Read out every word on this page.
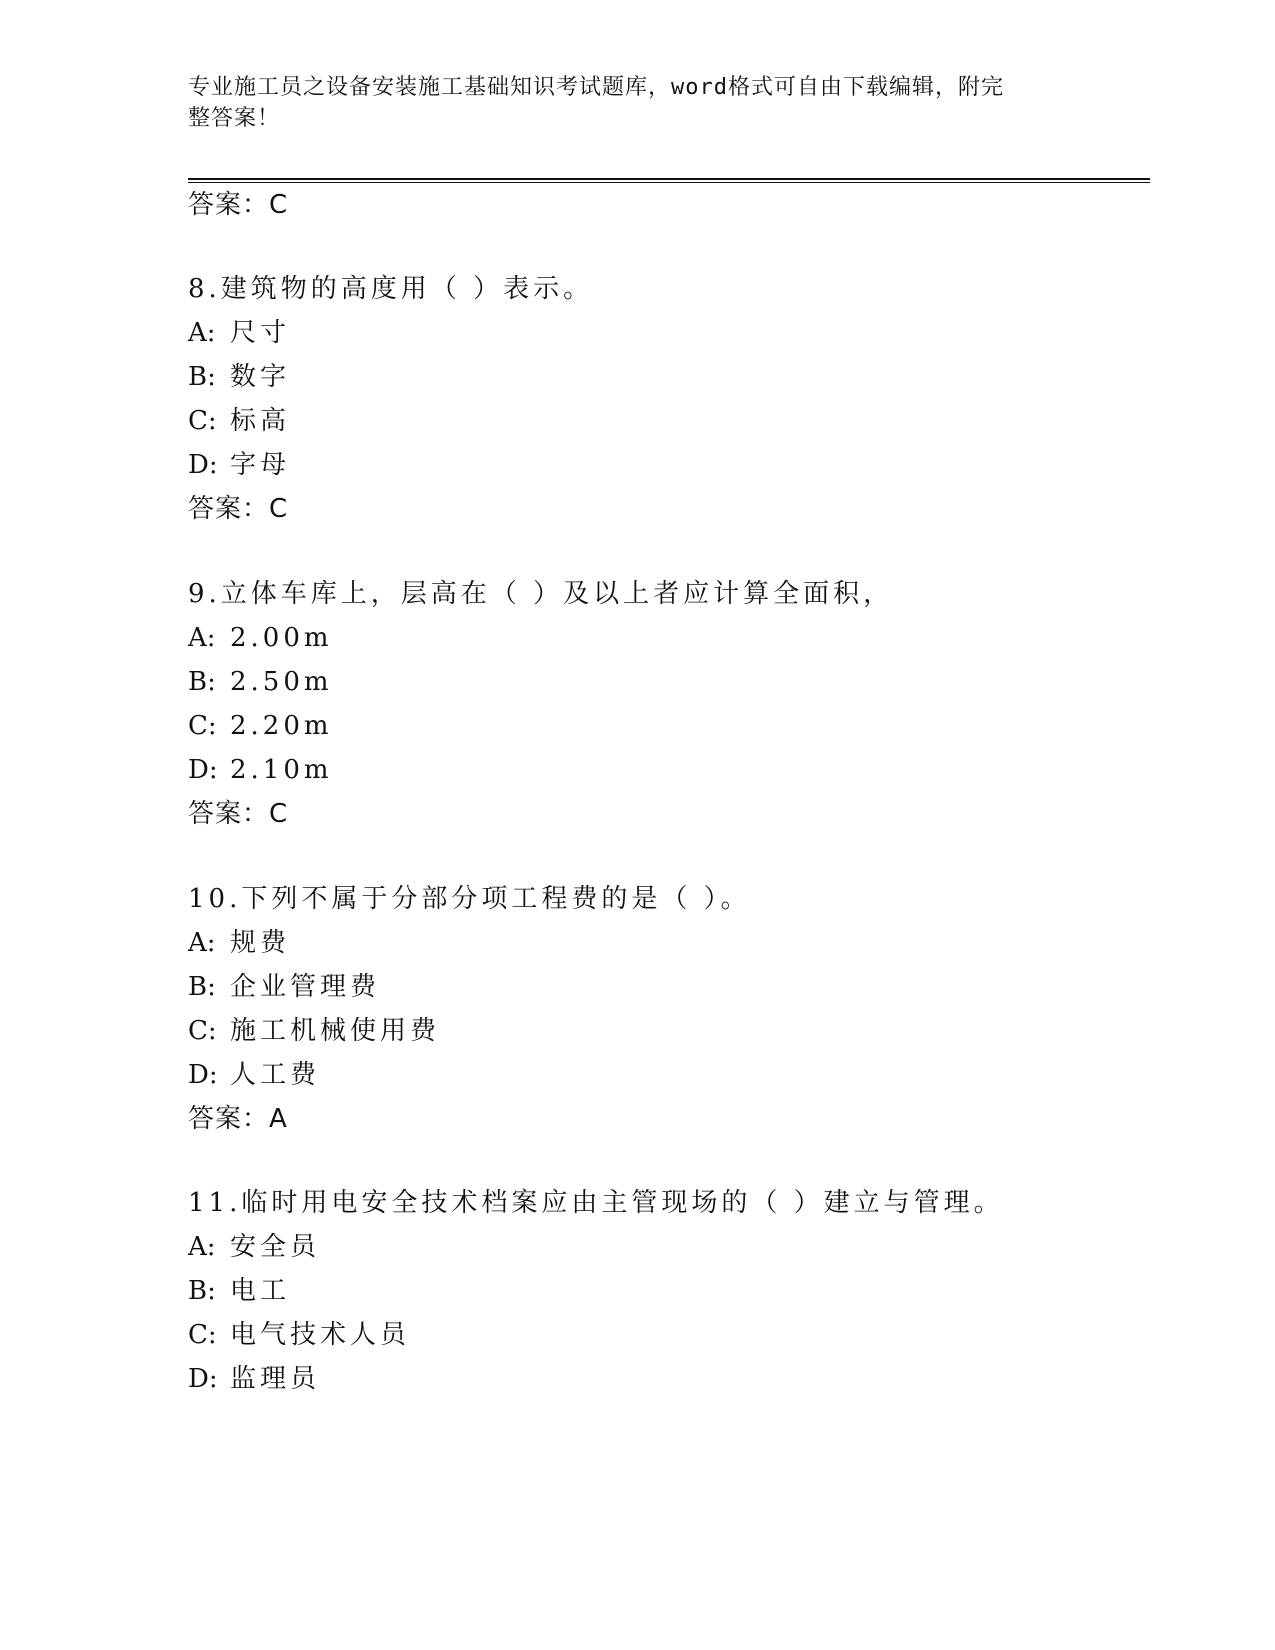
专业施工员之设备安装施工基础知识考试题库，word格式可自由下载编辑，附完
整答案！
答案：C
8.建筑物的高度用（ ）表示。
A: 尺寸
B: 数字
C: 标高
D: 字母
答案：C
9.立体车库上，层高在（ ）及以上者应计算全面积，
A: 2.00m
B: 2.50m
C: 2.20m
D: 2.10m
答案：C
10.下列不属于分部分项工程费的是（ ）。
A: 规费
B: 企业管理费
C: 施工机械使用费
D: 人工费
答案：A
11.临时用电安全技术档案应由主管现场的（ ）建立与管理。
A: 安全员
B: 电工
C: 电气技术人员
D: 监理员
